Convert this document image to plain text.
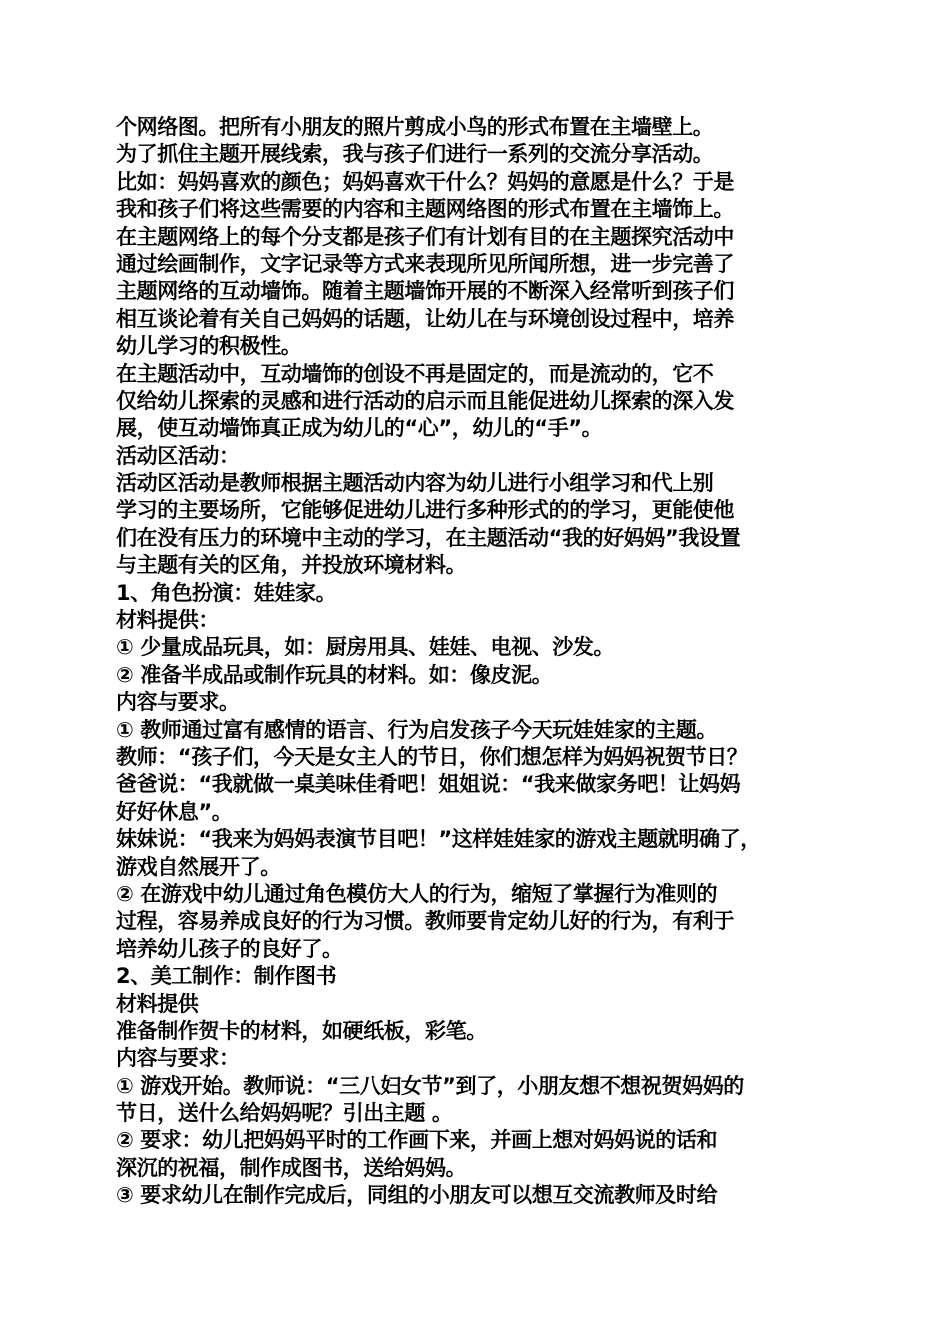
个网络图。把所有小朋友的照片剪成小鸟的形式布置在主墙壁上。
为了抓住主题开展线索，我与孩子们进行一系列的交流分享活动。
比如：妈妈喜欢的颜色；妈妈喜欢干什么？妈妈的意愿是什么？于是
我和孩子们将这些需要的内容和主题网络图的形式布置在主墙饰上。
在主题网络上的每个分支都是孩子们有计划有目的在主题探究活动中
通过绘画制作，文字记录等方式来表现所见所闻所想，进一步完善了
主题网络的互动墙饰。随着主题墙饰开展的不断深入经常听到孩子们
相互谈论着有关自己妈妈的话题，让幼儿在与环境创设过程中，培养
幼儿学习的积极性。
在主题活动中，互动墙饰的创设不再是固定的，而是流动的，它不
仅给幼儿探索的灵感和进行活动的启示而且能促进幼儿探索的深入发
展，使互动墙饰真正成为幼儿的“心”，幼儿的“手”。
活动区活动：
活动区活动是教师根据主题活动内容为幼儿进行小组学习和代上别
学习的主要场所，它能够促进幼儿进行多种形式的的学习，更能使他
们在没有压力的环境中主动的学习，在主题活动“我的好妈妈”我设置
与主题有关的区角，并投放环境材料。
1、角色扮演：娃娃家。
材料提供：
① 少量成品玩具，如：厨房用具、娃娃、电视、沙发。
② 准备半成品或制作玩具的材料。如：像皮泥。
内容与要求。
① 教师通过富有感情的语言、行为启发孩子今天玩娃娃家的主题。
教师：“孩子们，今天是女主人的节日，你们想怎样为妈妈祝贺节日？
爸爸说：“我就做一桌美味佳肴吧！姐姐说：“我来做家务吧！让妈妈
好好休息”。
妹妹说：“我来为妈妈表演节目吧！”这样娃娃家的游戏主题就明确了，
游戏自然展开了。
② 在游戏中幼儿通过角色模仿大人的行为，缩短了掌握行为准则的
过程，容易养成良好的行为习惯。教师要肯定幼儿好的行为，有利于
培养幼儿孩子的良好了。
2、美工制作：制作图书
材料提供
准备制作贺卡的材料，如硬纸板，彩笔。
内容与要求：
① 游戏开始。教师说：“三八妇女节”到了，小朋友想不想祝贺妈妈的
节日，送什么给妈妈呢？引出主题 。
② 要求：幼儿把妈妈平时的工作画下来，并画上想对妈妈说的话和
深沉的祝福，制作成图书，送给妈妈。
③ 要求幼儿在制作完成后，同组的小朋友可以想互交流教师及时给
